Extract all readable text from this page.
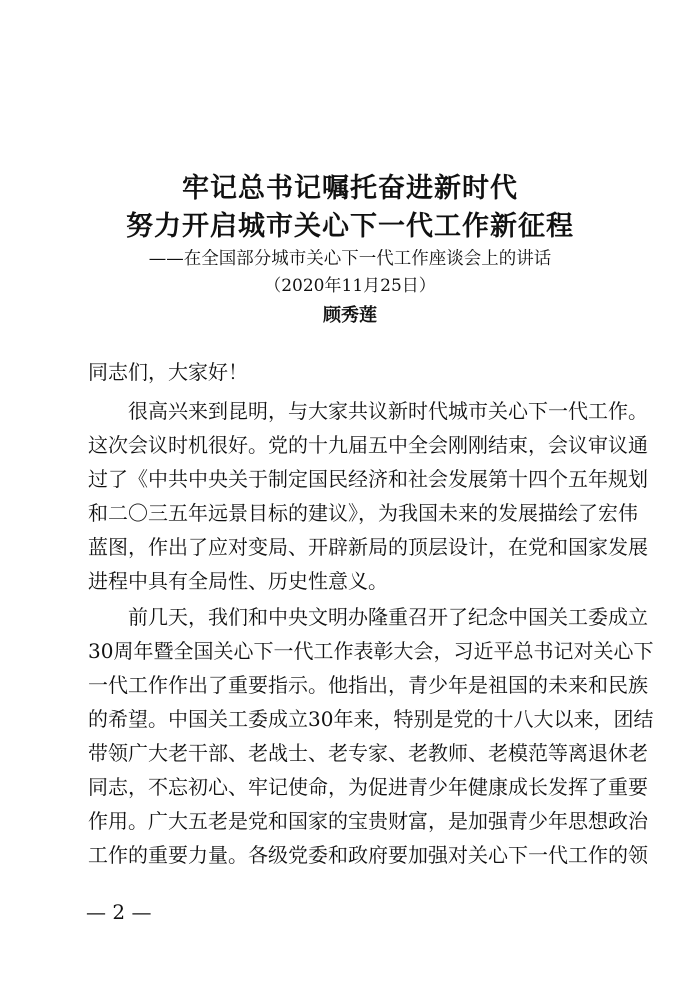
牢记总书记嘱托奋进新时代
努力开启城市关心下一代工作新征程
——在全国部分城市关心下一代工作座谈会上的讲话
（2020年11月25日）
顾秀莲
同志们，大家好！
很高兴来到昆明，与大家共议新时代城市关心下一代工作。
这次会议时机很好。党的十九届五中全会刚刚结束，会议审议通
过了《中共中央关于制定国民经济和社会发展第十四个五年规划
和二〇三五年远景目标的建议》，为我国未来的发展描绘了宏伟
蓝图，作出了应对变局、开辟新局的顶层设计，在党和国家发展
进程中具有全局性、历史性意义。
前几天，我们和中央文明办隆重召开了纪念中国关工委成立
30周年暨全国关心下一代工作表彰大会，习近平总书记对关心下
一代工作作出了重要指示。他指出，青少年是祖国的未来和民族
的希望。中国关工委成立30年来，特别是党的十八大以来，团结
带领广大老干部、老战士、老专家、老教师、老模范等离退休老
同志，不忘初心、牢记使命，为促进青少年健康成长发挥了重要
作用。广大五老是党和国家的宝贵财富，是加强青少年思想政治
工作的重要力量。各级党委和政府要加强对关心下一代工作的领
— 2 —
